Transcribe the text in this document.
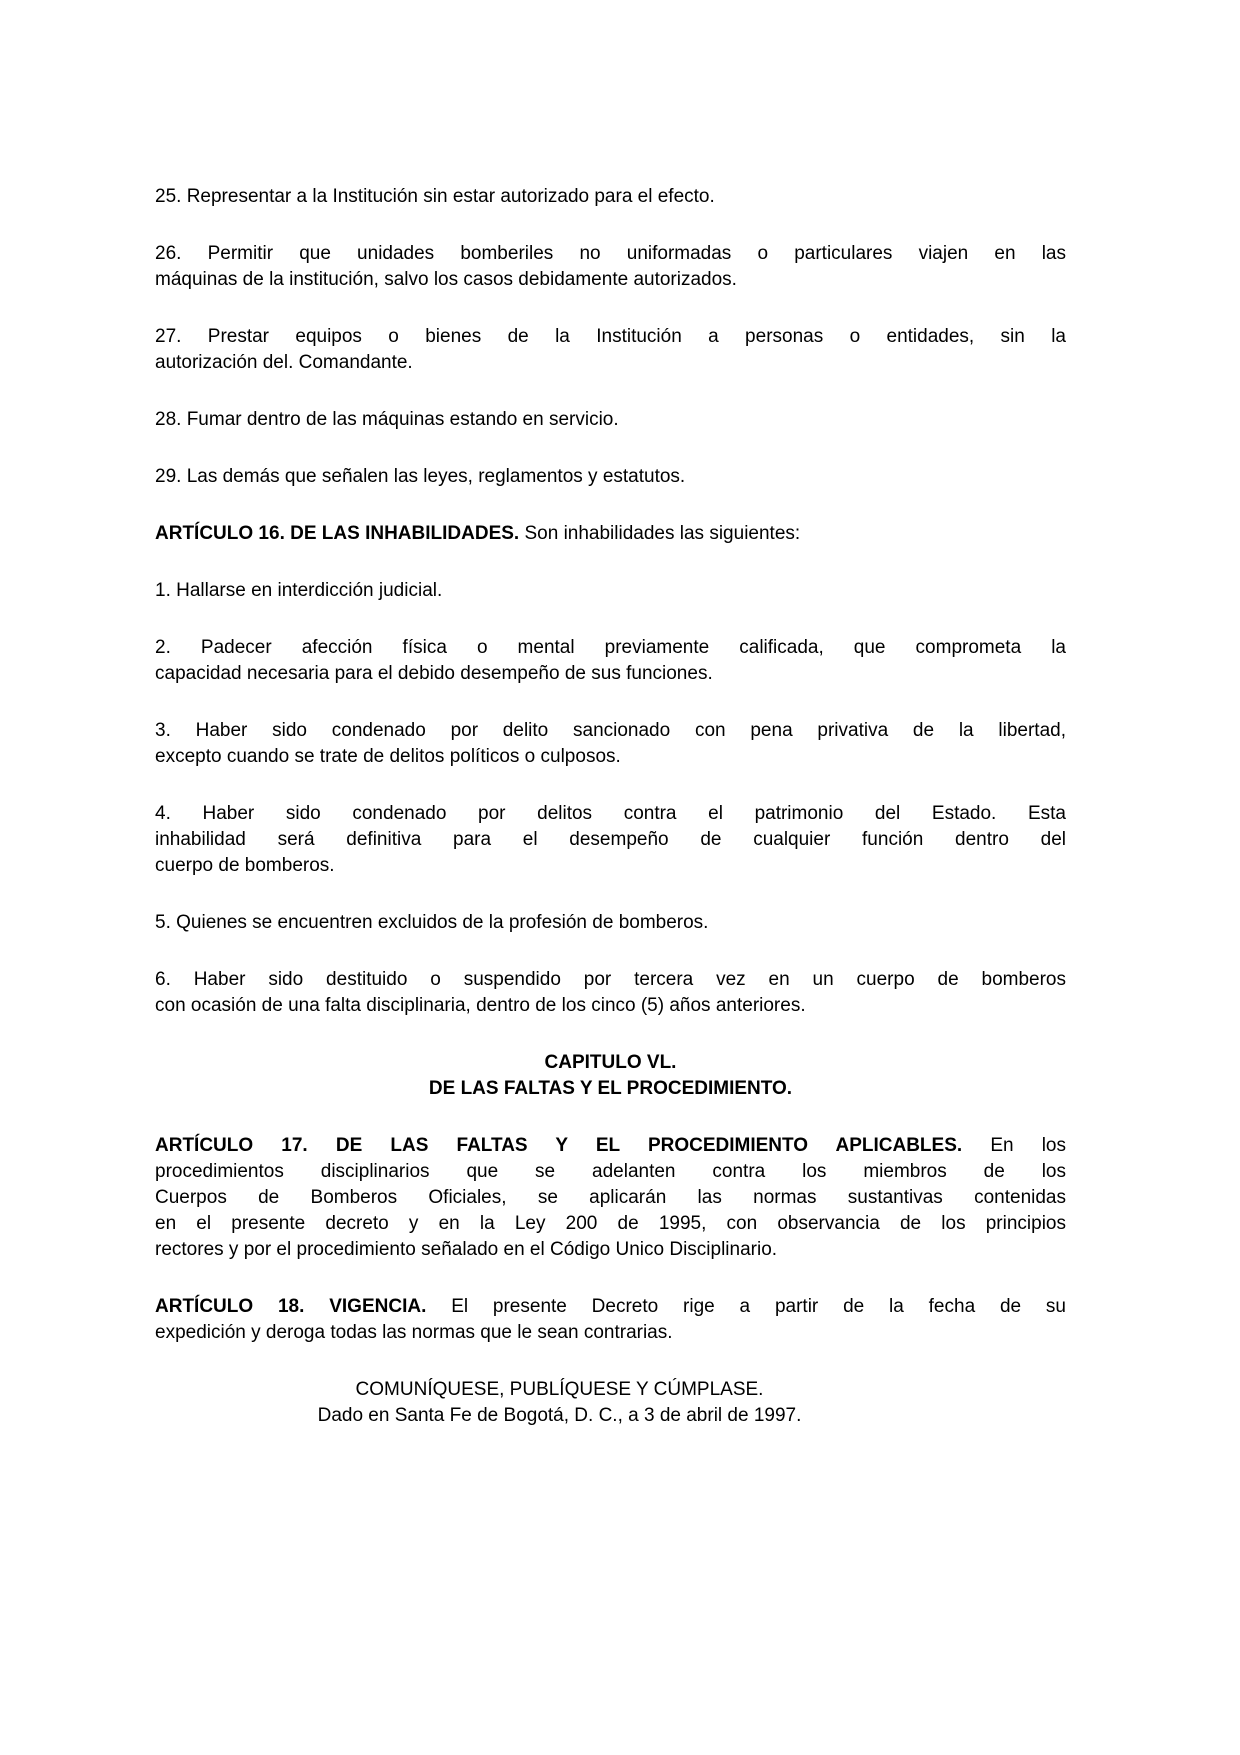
25. Representar a la Institución sin estar autorizado para el efecto.
26. Permitir que unidades bomberiles no uniformadas o particulares viajen en las
máquinas de la institución, salvo los casos debidamente autorizados.
27. Prestar equipos o bienes de la Institución a personas o entidades, sin la
autorización del. Comandante.
28. Fumar dentro de las máquinas estando en servicio.
29. Las demás que señalen las leyes, reglamentos y estatutos.
ARTÍCULO 16. DE LAS INHABILIDADES. Son inhabilidades las siguientes:
1. Hallarse en interdicción judicial.
2. Padecer afección física o mental previamente calificada, que comprometa la
capacidad necesaria para el debido desempeño de sus funciones.
3. Haber sido condenado por delito sancionado con pena privativa de la libertad,
excepto cuando se trate de delitos políticos o culposos.
4. Haber sido condenado por delitos contra el patrimonio del Estado. Esta
inhabilidad será definitiva para el desempeño de cualquier función dentro del
cuerpo de bomberos.
5. Quienes se encuentren excluidos de la profesión de bomberos.
6. Haber sido destituido o suspendido por tercera vez en un cuerpo de bomberos
con ocasión de una falta disciplinaria, dentro de los cinco (5) años anteriores.
CAPITULO VL.
DE LAS FALTAS Y EL PROCEDIMIENTO.
ARTÍCULO 17. DE LAS FALTAS Y EL PROCEDIMIENTO APLICABLES. En los
procedimientos disciplinarios que se adelanten contra los miembros de los
Cuerpos de Bomberos Oficiales, se aplicarán las normas sustantivas contenidas
en el presente decreto y en la Ley 200 de 1995, con observancia de los principios
rectores y por el procedimiento señalado en el Código Unico Disciplinario.
ARTÍCULO 18. VIGENCIA. El presente Decreto rige a partir de la fecha de su
expedición y deroga todas las normas que le sean contrarias.
COMUNÍQUESE, PUBLÍQUESE Y CÚMPLASE.
Dado en Santa Fe de Bogotá, D. C., a 3 de abril de 1997.
